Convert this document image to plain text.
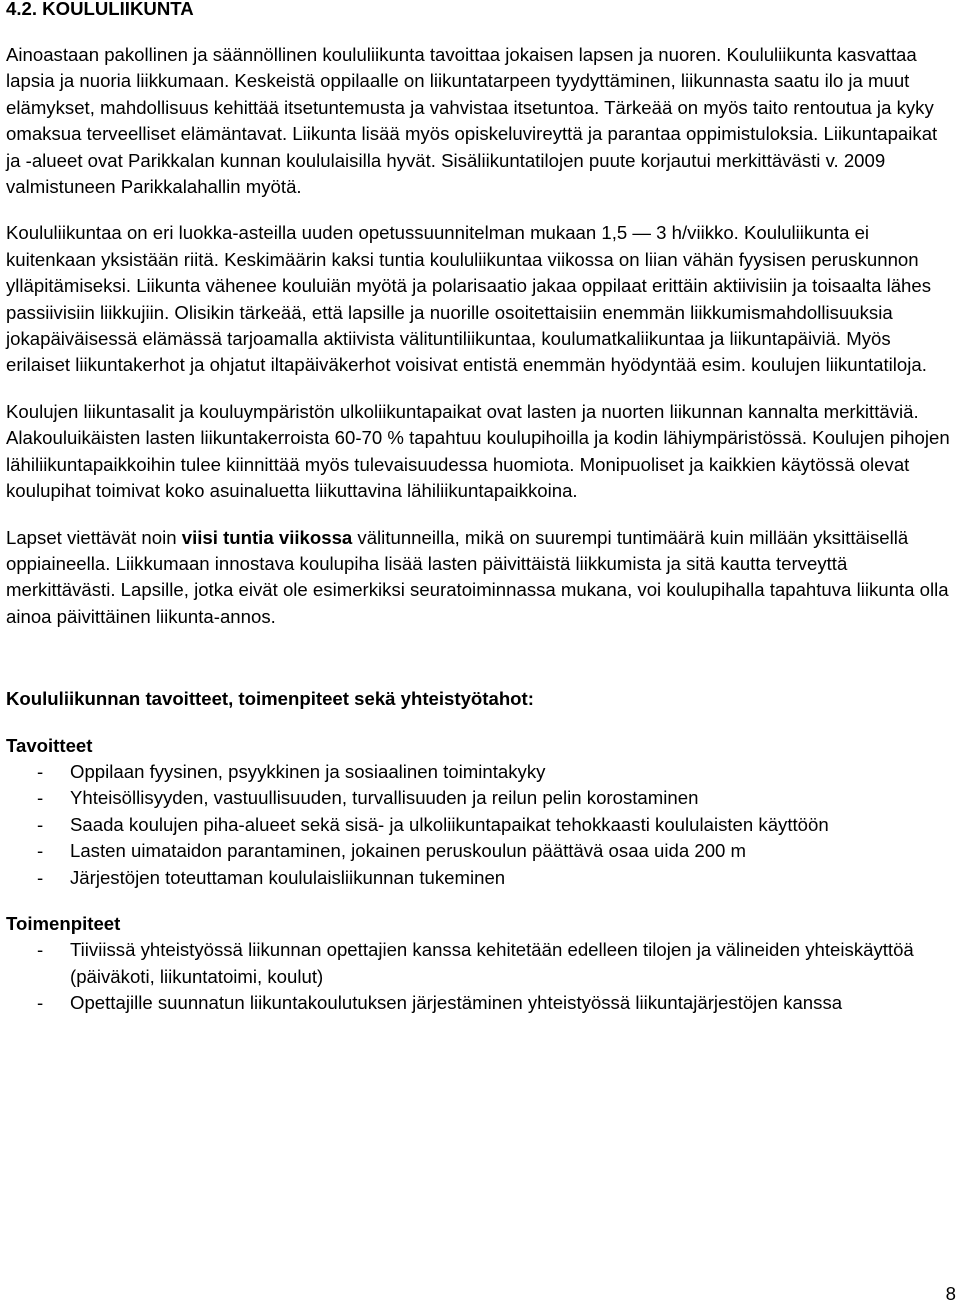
4.2. KOULULIIKUNTA

Ainoastaan pakollinen ja säännöllinen koululiikunta tavoittaa jokaisen lapsen ja nuoren. Koululiikunta kasvattaa lapsia ja nuoria liikkumaan. Keskeistä oppilaalle on liikuntatarpeen tyydyttäminen, liikunnasta saatu ilo ja muut elämykset, mahdollisuus kehittää itsetuntemusta ja vahvistaa itsetuntoa. Tärkeää on myös taito rentoutua ja kyky omaksua terveelliset elämäntavat. Liikunta lisää myös opiskeluvireyttä ja parantaa oppimistuloksia. Liikuntapaikat ja -alueet ovat Parikkalan kunnan koululaisilla hyvät. Sisäliikuntatilojen puute korjautui merkittävästi v. 2009 valmistuneen Parikkalahallin myötä.

Koululiikuntaa on eri luokka-asteilla uuden opetussuunnitelman mukaan 1,5 — 3 h/viikko. Koululiikunta ei kuitenkaan yksistään riitä. Keskimäärin kaksi tuntia koululiikuntaa viikossa on liian vähän fyysisen peruskunnon ylläpitämiseksi. Liikunta vähenee kouluiän myötä ja polarisaatio jakaa oppilaat erittäin aktiivisiin ja toisaalta lähes passiivisiin liikkujiin. Olisikin tärkeää, että lapsille ja nuorille osoitettaisiin enemmän liikkumismahdollisuuksia jokapäiväisessä elämässä tarjoamalla aktiivista välituntiliikuntaa, koulumatkaliikuntaa ja liikuntapäiviä. Myös erilaiset liikuntakerhot ja ohjatut iltapäiväkerhot voisivat entistä enemmän hyödyntää esim. koulujen liikuntatiloja.

Koulujen liikuntasalit ja kouluympäristön ulkoliikuntapaikat ovat lasten ja nuorten liikunnan kannalta merkittäviä. Alakouluikäisten lasten liikuntakerroista 60-70 % tapahtuu koulupihoilla ja kodin lähiympäristössä. Koulujen pihojen lähiliikuntapaikkoihin tulee kiinnittää myös tulevaisuudessa huomiota. Monipuoliset ja kaikkien käytössä olevat koulupihat toimivat koko asuinaluetta liikuttavina lähiliikuntapaikkoina.

Lapset viettävät noin viisi tuntia viikossa välitunneilla, mikä on suurempi tuntimäärä kuin millään yksittäisellä oppiaineella. Liikkumaan innostava koulupiha lisää lasten päivittäistä liikkumista ja sitä kautta terveyttä merkittävästi. Lapsille, jotka eivät ole esimerkiksi seuratoiminnassa mukana, voi koulupihalla tapahtuva liikunta olla ainoa päivittäinen liikunta-annos.

Koululiikunnan tavoitteet, toimenpiteet sekä yhteistyötahot:
Tavoitteet
- Oppilaan fyysinen, psyykkinen ja sosiaalinen toimintakyky
- Yhteisöllisyyden, vastuullisuuden, turvallisuuden ja reilun pelin korostaminen
- Saada koulujen piha-alueet sekä sisä- ja ulkoliikuntapaikat tehokkaasti koululaisten käyttöön
- Lasten uimataidon parantaminen, jokainen peruskoulun päättävä osaa uida 200 m
- Järjestöjen toteuttaman koululaisliikunnan tukeminen
Toimenpiteet
- Tiiviissä yhteistyössä liikunnan opettajien kanssa kehitetään edelleen tilojen ja välineiden yhteiskäyttöä (päiväkoti, liikuntatoimi, koulut)
- Opettajille suunnatun liikuntakoulutuksen järjestäminen yhteistyössä liikuntajärjestöjen kanssa
8
